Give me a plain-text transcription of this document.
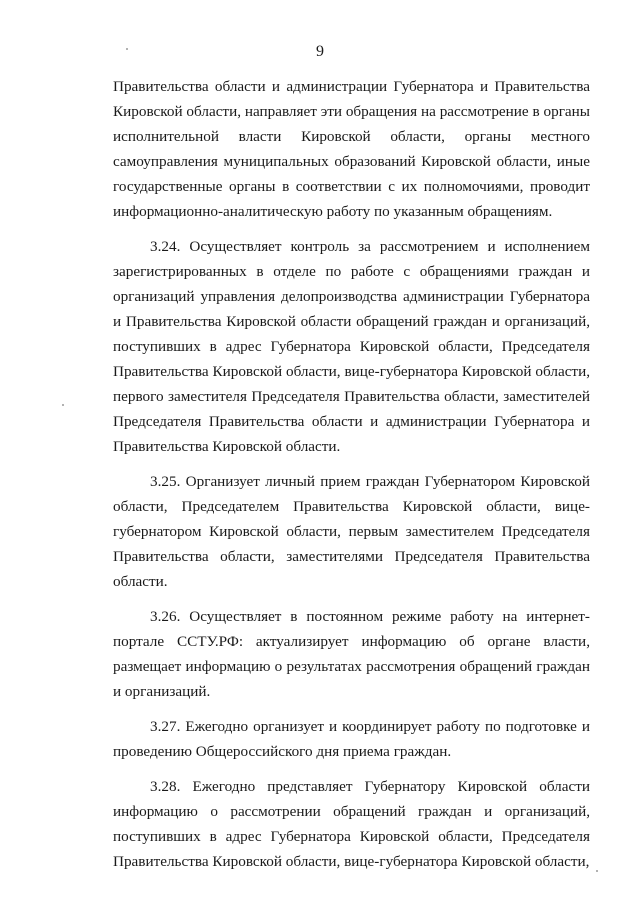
9

Правительства области и администрации Губернатора и Правительства Кировской области, направляет эти обращения на рассмотрение в органы исполнительной власти Кировской области, органы местного самоуправления муниципальных образований Кировской области, иные государственные органы в соответствии с их полномочиями, проводит информационно-аналитическую работу по указанным обращениям.

3.24. Осуществляет контроль за рассмотрением и исполнением зарегистрированных в отделе по работе с обращениями граждан и организаций управления делопроизводства администрации Губернатора и Правительства Кировской области обращений граждан и организаций, поступивших в адрес Губернатора Кировской области, Председателя Правительства Кировской области, вице-губернатора Кировской области, первого заместителя Председателя Правительства области, заместителей Председателя Правительства области и администрации Губернатора и Правительства Кировской области.

3.25. Организует личный прием граждан Губернатором Кировской области, Председателем Правительства Кировской области, вице-губернатором Кировской области, первым заместителем Председателя Правительства области, заместителями Председателя Правительства области.

3.26. Осуществляет в постоянном режиме работу на интернет-портале ССТУ.РФ: актуализирует информацию об органе власти, размещает информацию о результатах рассмотрения обращений граждан и организаций.

3.27. Ежегодно организует и координирует работу по подготовке и проведению Общероссийского дня приема граждан.

3.28. Ежегодно представляет Губернатору Кировской области информацию о рассмотрении обращений граждан и организаций, поступивших в адрес Губернатора Кировской области, Председателя Правительства Кировской области, вице-губернатора Кировской области,
